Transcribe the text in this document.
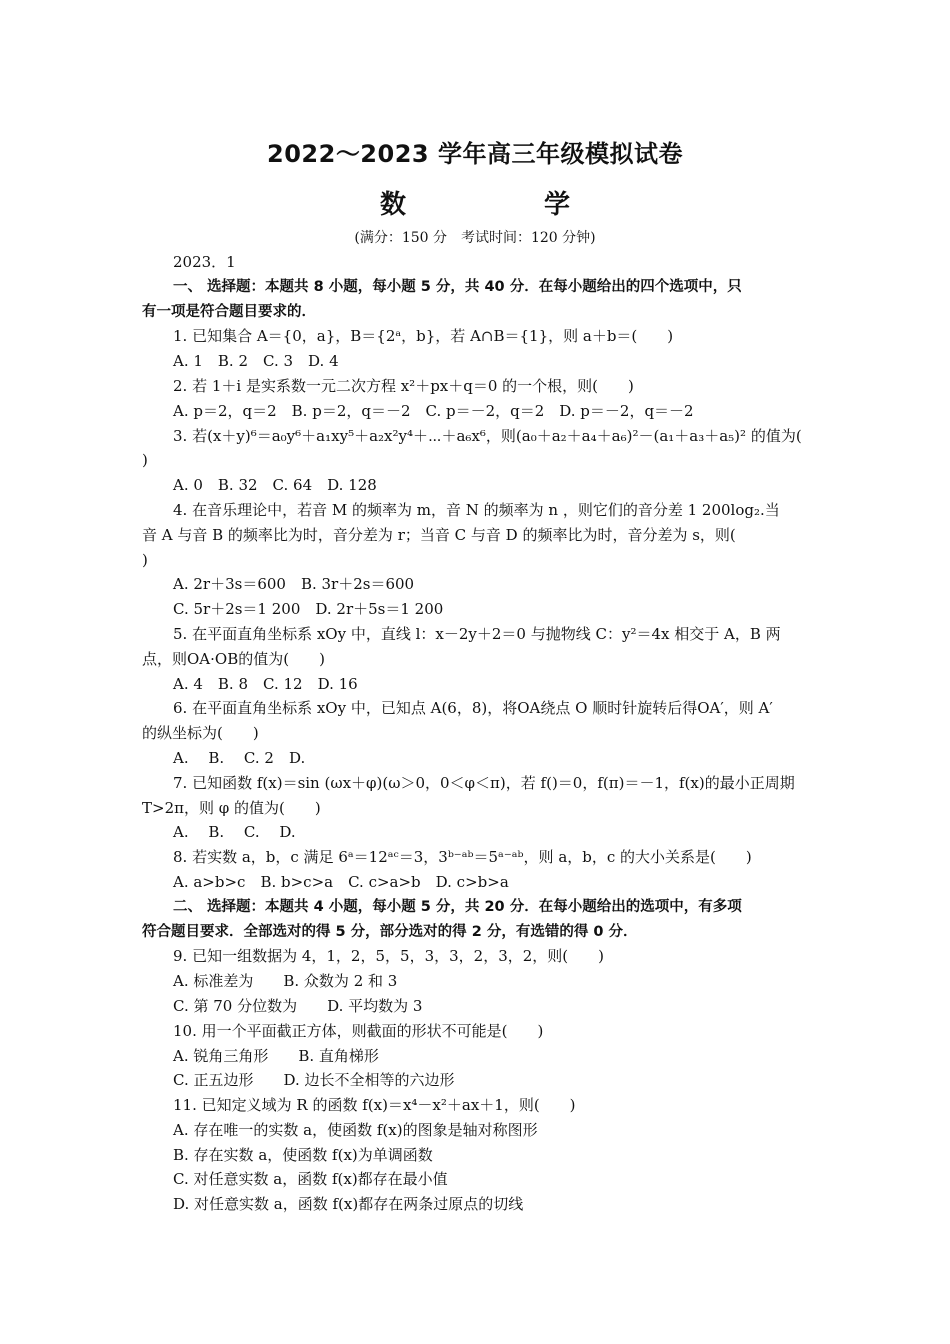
2022～2023 学年高三年级模拟试卷
数　学
(满分：150 分　考试时间：120 分钟)

2023．1

一、 选择题：本题共 8 小题，每小题 5 分，共 40 分．在每小题给出的四个选项中，只

有一项是符合题目要求的．

1. 已知集合 A＝{0，a}，B＝{2ᵃ，b}，若 A∩B＝{1}，则 a＋b＝(　　)

A. 1　B. 2　C. 3　D. 4

2. 若 1＋i 是实系数一元二次方程 x²＋px＋q＝0 的一个根，则(　　)

A. p＝2，q＝2　B. p＝2，q＝－2　C. p＝－2，q＝2　D. p＝－2，q＝－2

3. 若(x＋y)⁶＝a₀y⁶＋a₁xy⁵＋a₂x²y⁴＋⋯＋a₆x⁶，则(a₀＋a₂＋a₄＋a₆)²－(a₁＋a₃＋a₅)² 的值为(

)

A. 0　B. 32　C. 64　D. 128

4. 在音乐理论中，若音 M 的频率为 m，音 N 的频率为 n ，则它们的音分差 1 200log₂.当

音 A 与音 B 的频率比为时，音分差为 r；当音 C 与音 D 的频率比为时，音分差为 s，则(

)

A. 2r＋3s＝600　B. 3r＋2s＝600

C. 5r＋2s＝1 200　D. 2r＋5s＝1 200

5. 在平面直角坐标系 xOy 中，直线 l：x－2y＋2＝0 与抛物线 C：y²＝4x 相交于 A，B 两

点，则OA·OB的值为(　　)

A. 4　B. 8　C. 12　D. 16

6. 在平面直角坐标系 xOy 中，已知点 A(6，8)，将OA绕点 O 顺时针旋转后得OA′，则 A′

的纵坐标为(　　)

A. 　B. 　C. 2　D.

7. 已知函数 f(x)＝sin (ωx＋φ)(ω＞0，0＜φ＜π)，若 f()＝0，f(π)＝－1，f(x)的最小正周期

T>2π，则 φ 的值为(　　)

A. 　B. 　C. 　D.

8. 若实数 a，b，c 满足 6ᵃ＝12ᵃᶜ＝3，3ᵇ⁻ᵃᵇ＝5ᵃ⁻ᵃᵇ，则 a，b，c 的大小关系是(　　)

A. a>b>c　B. b>c>a　C. c>a>b　D. c>b>a

二、 选择题：本题共 4 小题，每小题 5 分，共 20 分．在每小题给出的选项中，有多项

符合题目要求．全部选对的得 5 分，部分选对的得 2 分，有选错的得 0 分．

9. 已知一组数据为 4，1，2，5，5，3，3，2，3，2，则(　　)

A. 标准差为　　B. 众数为 2 和 3

C. 第 70 分位数为　　D. 平均数为 3

10. 用一个平面截正方体，则截面的形状不可能是(　　)

A. 锐角三角形　　B. 直角梯形

C. 正五边形　　D. 边长不全相等的六边形

11. 已知定义域为 R 的函数 f(x)＝x⁴－x²＋ax＋1，则(　　)

A. 存在唯一的实数 a，使函数 f(x)的图象是轴对称图形

B. 存在实数 a，使函数 f(x)为单调函数

C. 对任意实数 a，函数 f(x)都存在最小值

D. 对任意实数 a，函数 f(x)都存在两条过原点的切线
